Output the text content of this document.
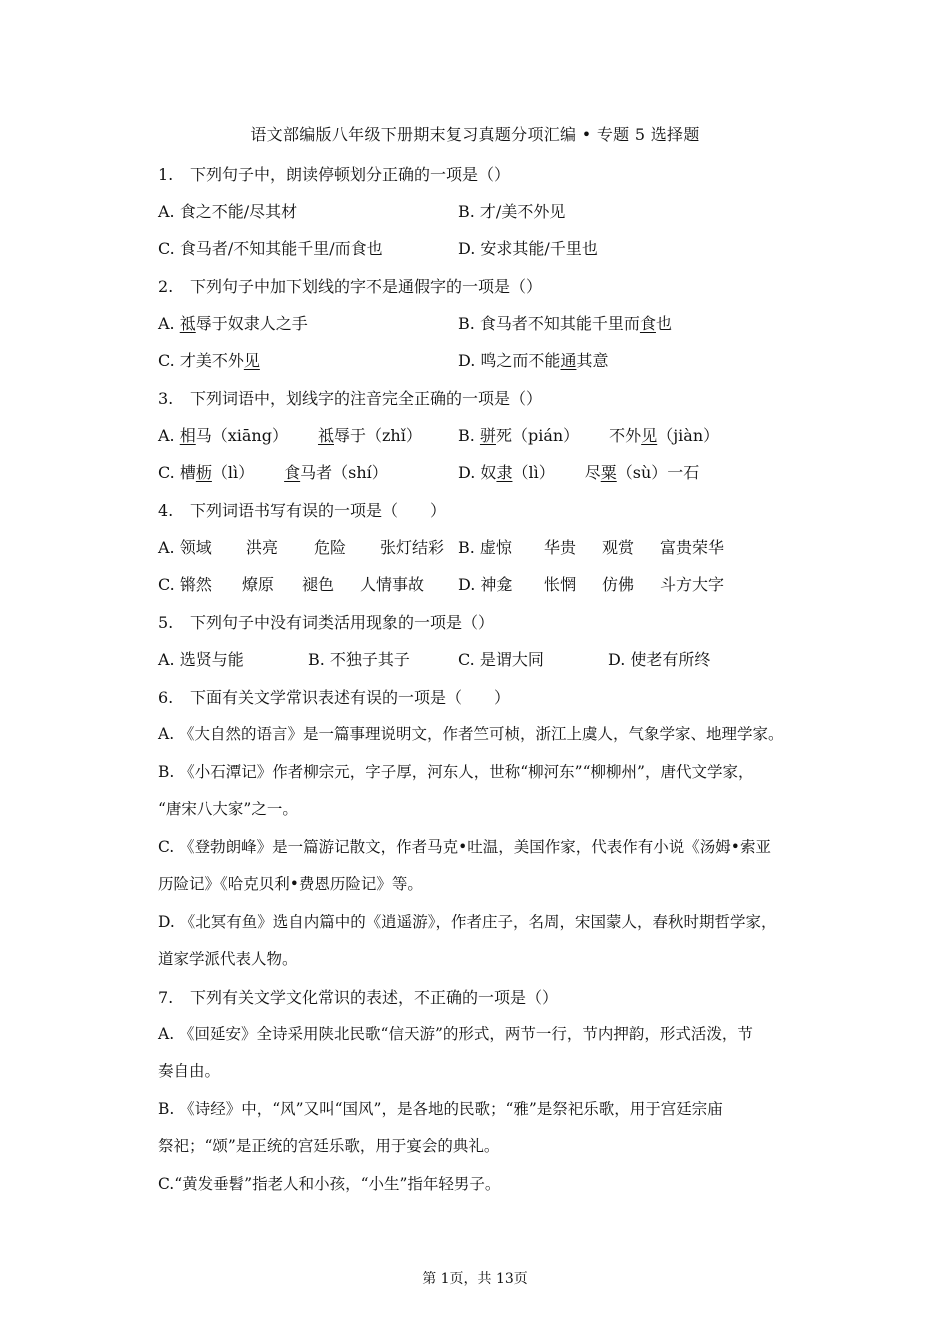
语文部编版八年级下册期末复习真题分项汇编 • 专题 5 选择题
1. 下列句子中，朗读停顿划分正确的一项是（）
A. 食之不能/尽其材	B. 才/美不外见
C. 食马者/不知其能千里/而食也	D. 安求其能/千里也
2. 下列句子中加下划线的字不是通假字的一项是（）
A. 祗辱于奴隶人之手	B. 食马者不知其能千里而食也
C. 才美不外见	D. 鸣之而不能通其意
3. 下列词语中，划线字的注音完全正确的一项是（）
A. 相马（xiāng） 祗辱于（zhǐ） B. 骈死（pián） 不外见（jiàn）
C. 槽枥（lì） 食马者（shí）	D. 奴隶（lì） 尽粟（sù）一石
4. 下列词语书写有误的一项是（　　）
A. 领域 洪亮 危险 张灯结彩 B. 虚惊 华贵 观赏 富贵荣华
C. 锵然 燎原 褪色 人情事故 D. 神龛 怅惘 仿佛 斗方大字
5. 下列句子中没有词类活用现象的一项是（）
A. 选贤与能	B. 不独子其子	C. 是谓大同	D. 使老有所终
6. 下面有关文学常识表述有误的一项是（　　）
A. 《大自然的语言》是一篇事理说明文，作者竺可桢，浙江上虞人，气象学家、地理学家。
B. 《小石潭记》作者柳宗元，字子厚，河东人，世称“柳河东”“柳柳州”，唐代文学家，
“唐宋八大家”之一。
C. 《登勃朗峰》是一篇游记散文，作者马克•吐温，美国作家，代表作有小说《汤姆•索亚
历险记》《哈克贝利•费恩历险记》等。
D. 《北冥有鱼》选自内篇中的《逍遥游》，作者庄子，名周，宋国蒙人，春秋时期哲学家，
道家学派代表人物。
7. 下列有关文学文化常识的表述，不正确的一项是（）
A. 《回延安》全诗采用陕北民歌“信天游”的形式，两节一行，节内押韵，形式活泼，节
奏自由。
B. 《诗经》中，“风”又叫“国风”，是各地的民歌；“雅”是祭祀乐歌，用于宫廷宗庙
祭祀；“颂”是正统的宫廷乐歌，用于宴会的典礼。
C.“黄发垂髫”指老人和小孩，“小生”指年轻男子。
第 1页，共 13页
